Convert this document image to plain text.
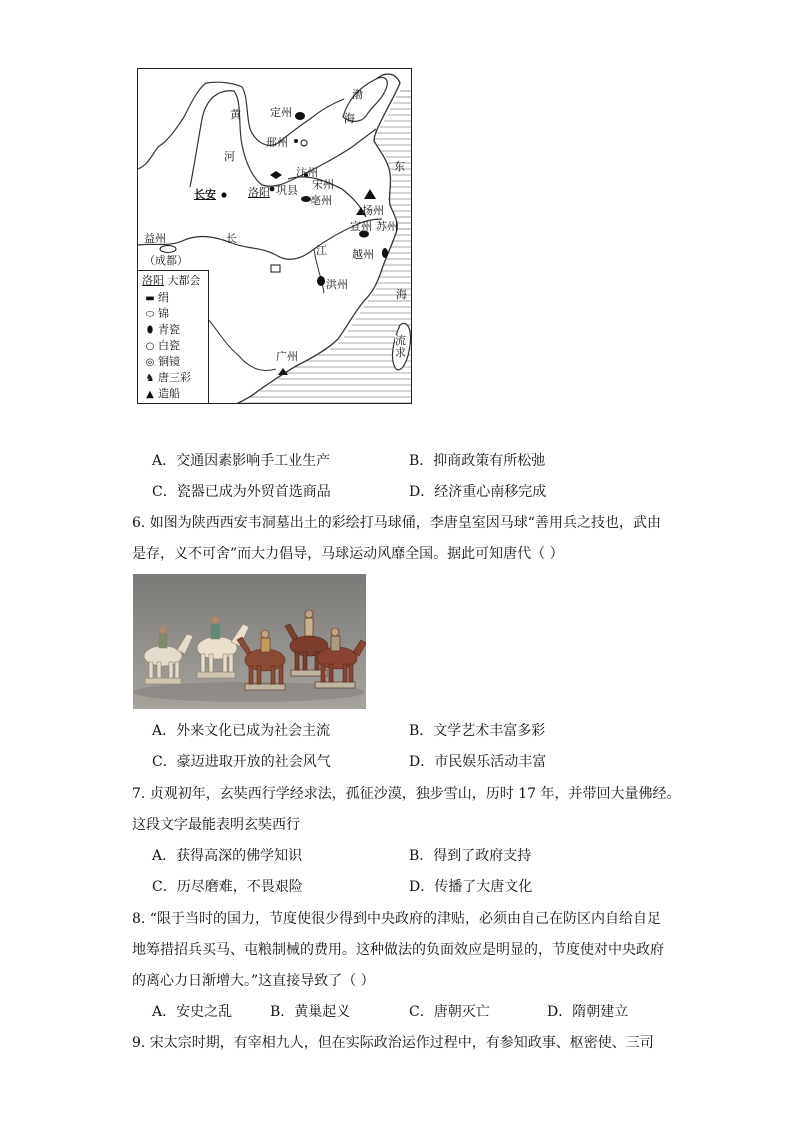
渤
海
黄
河
定州
邢州
汴州
宋州
巩县
亳州
长安	洛阳
扬州
宣州 苏州
越州
益州
（成都）
长
江
洪州
东
海
广州
流求
洛阳 大都会
▬ 绢
⬭ 锦
⬮ 青瓷
○ 白瓷
◎ 铜镜
♞ 唐三彩
▲ 造船
A．交通因素影响手工业生产	B．抑商政策有所松弛
C．瓷器已成为外贸首选商品	D．经济重心南移完成
6. 如图为陕西西安韦洞墓出土的彩绘打马球俑，李唐皇室因马球“善用兵之技也，武由
是存，义不可舍”而大力倡导，马球运动风靡全国。据此可知唐代（ ）
A．外来文化已成为社会主流	B．文学艺术丰富多彩
C．豪迈进取开放的社会风气	D．市民娱乐活动丰富
7. 贞观初年，玄奘西行学经求法，孤征沙漠，独步雪山，历时 17 年，并带回大量佛经。
这段文字最能表明玄奘西行
A．获得高深的佛学知识	B．得到了政府支持
C．历尽磨难，不畏艰险	D．传播了大唐文化
8. “限于当时的国力，节度使很少得到中央政府的津贴，必须由自己在防区内自给自足
地筹措招兵买马、屯粮制械的费用。这种做法的负面效应是明显的，节度使对中央政府
的离心力日渐增大。”这直接导致了（ ）
A．安史之乱	B．黄巢起义	C．唐朝灭亡	D．隋朝建立
9. 宋太宗时期，有宰相九人，但在实际政治运作过程中，有参知政事、枢密使、三司
